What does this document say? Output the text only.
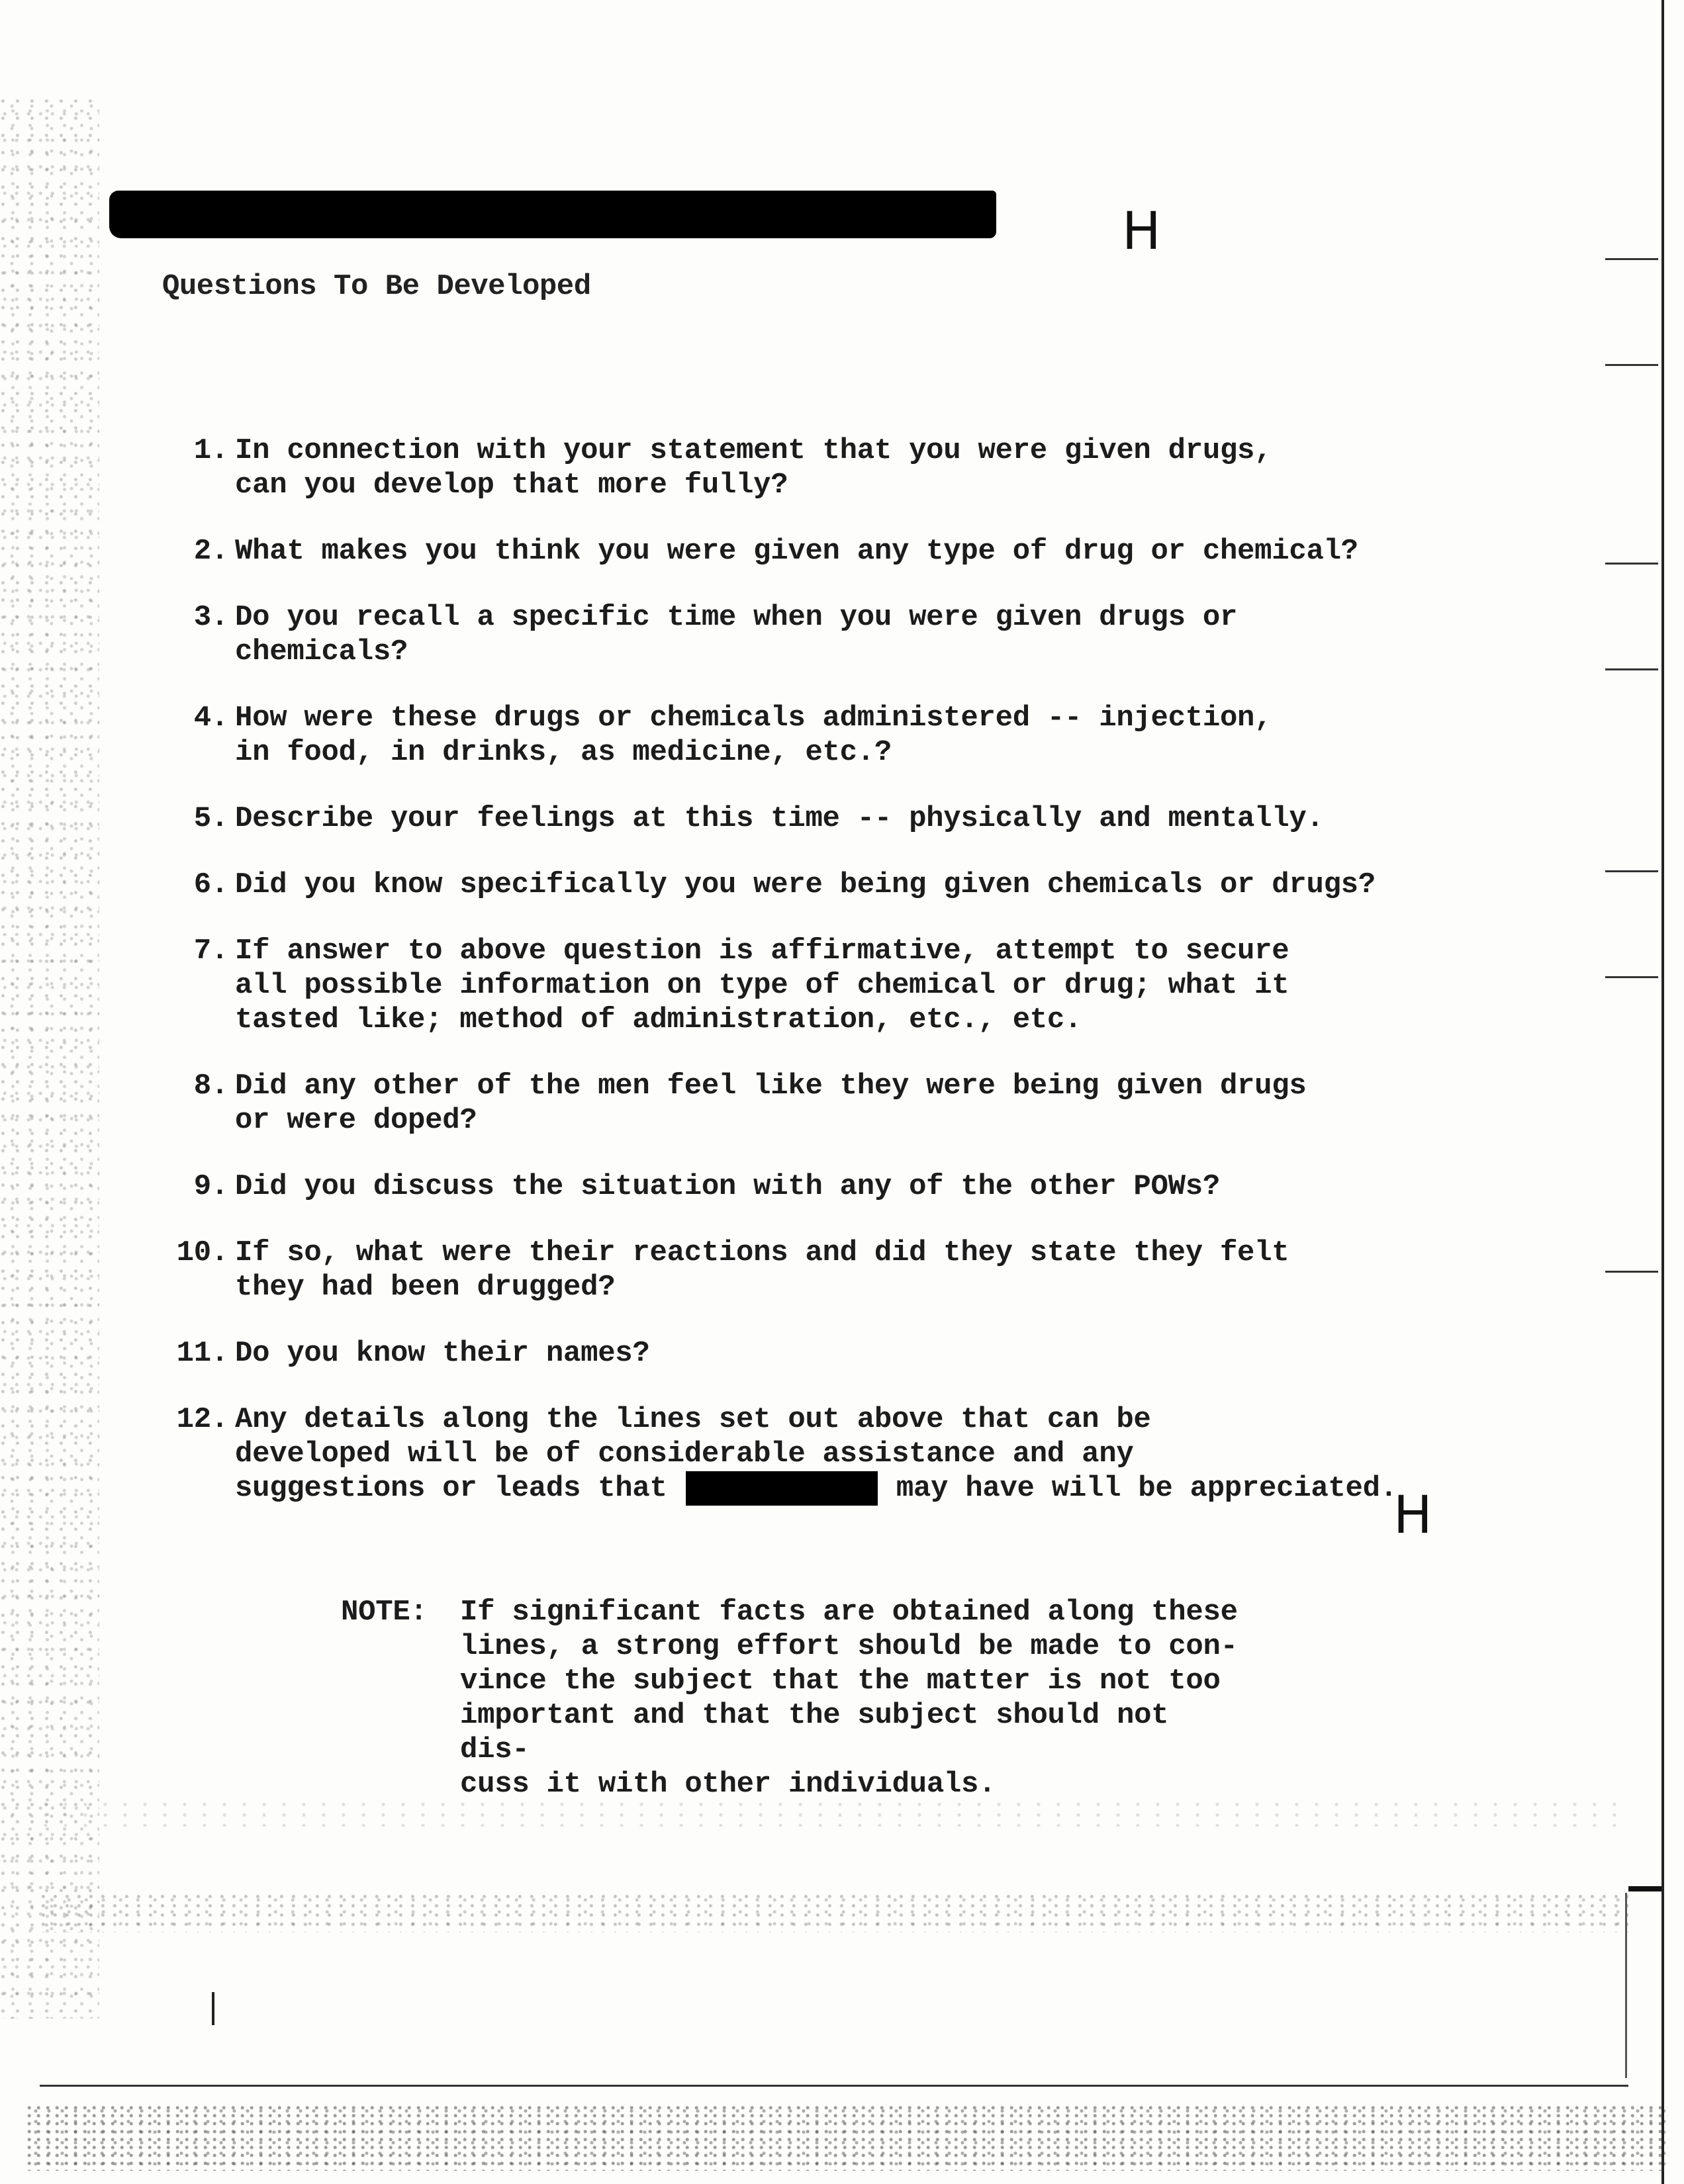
H
Questions To Be Developed
1. In connection with your statement that you were given drugs,
can you develop that more fully?
2. What makes you think you were given any type of drug or chemical?
3. Do you recall a specific time when you were given drugs or
chemicals?
4. How were these drugs or chemicals administered -- injection,
in food, in drinks, as medicine, etc.?
5. Describe your feelings at this time -- physically and mentally.
6. Did you know specifically you were being given chemicals or drugs?
7. If answer to above question is affirmative, attempt to secure
all possible information on type of chemical or drug; what it
tasted like; method of administration, etc., etc.
8. Did any other of the men feel like they were being given drugs
or were doped?
9. Did you discuss the situation with any of the other POWs?
10. If so, what were their reactions and did they state they felt
they had been drugged?
11. Do you know their names?
12. Any details along the lines set out above that can be
developed will be of considerable assistance and any
suggestions or leads that	may have will be appreciated.
H
NOTE:	If significant facts are obtained along these
lines, a strong effort should be made to con-
vince the subject that the matter is not too
important and that the subject should not dis-
cuss it with other individuals.
